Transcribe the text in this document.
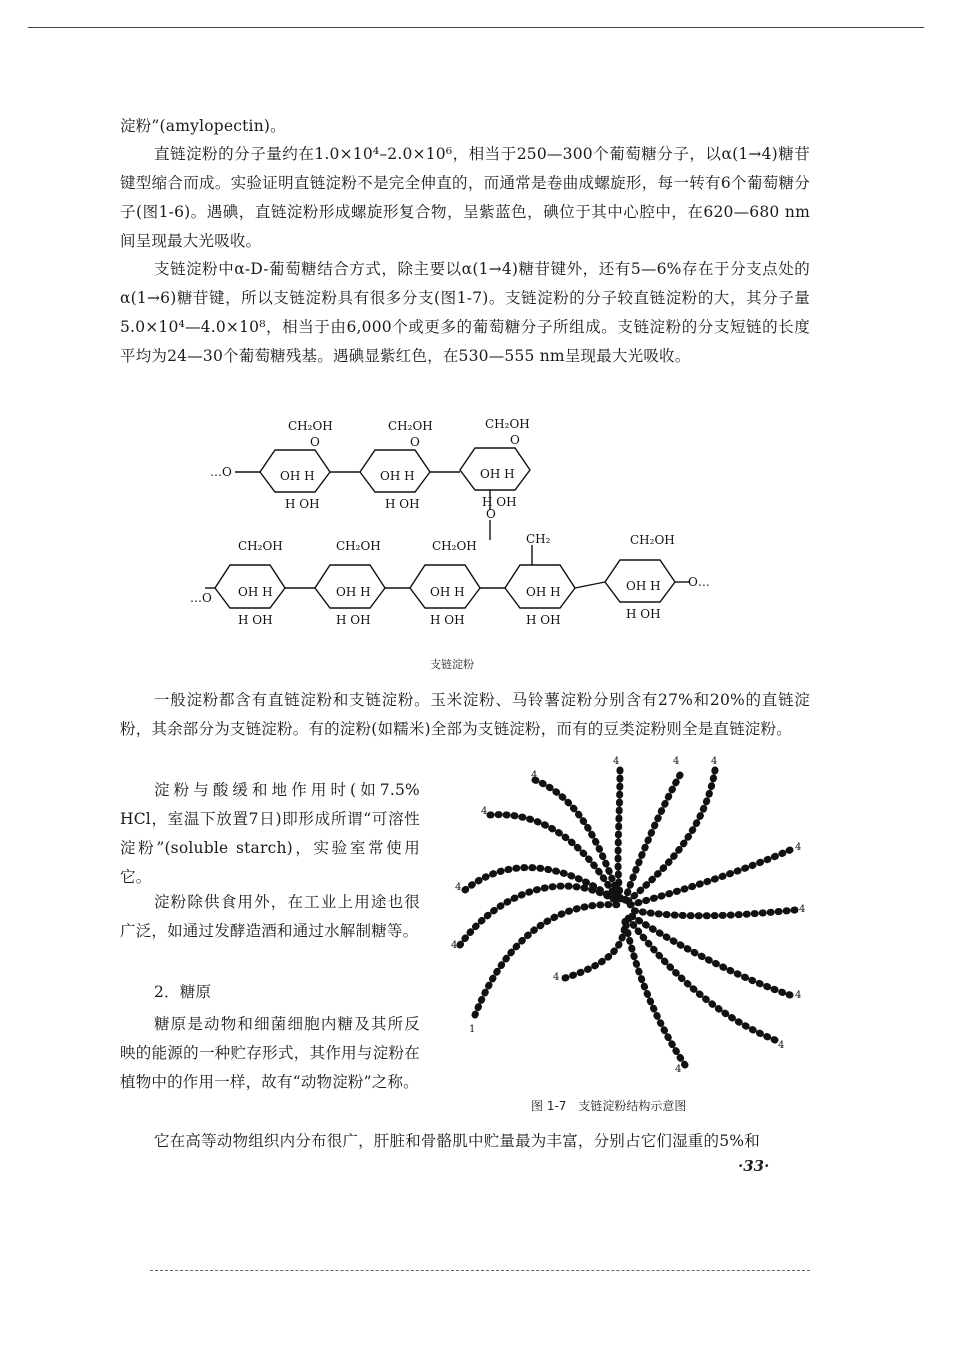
淀粉”(amylopectin)。

直链淀粉的分子量约在1.0×10⁴–2.0×10⁶，相当于250—300个葡萄糖分子，以α(1→4)糖苷键型缩合而成。实验证明直链淀粉不是完全伸直的，而通常是卷曲成螺旋形，每一转有6个葡萄糖分子(图1-6)。遇碘，直链淀粉形成螺旋形复合物，呈紫蓝色，碘位于其中心腔中，在620—680 nm间呈现最大光吸收。

支链淀粉中α-D-葡萄糖结合方式，除主要以α(1→4)糖苷键外，还有5—6%存在于分支点处的α(1→6)糖苷键，所以支链淀粉具有很多分支(图1-7)。支链淀粉的分子较直链淀粉的大，其分子量5.0×10⁴—4.0×10⁸，相当于由6,000个或更多的葡萄糖分子所组成。支链淀粉的分支短链的长度平均为24—30个葡萄糖残基。遇碘显紫红色，在530—555 nm呈现最大光吸收。

CH₂OH	CH₂OH	CH₂OH
O	O	O
OH H	OH H	OH H
H OH	H OH	H OH
…O
O
CH₂
CH₂OH	CH₂OH	CH₂OH	CH₂OH
OH H	OH H	OH H	OH H	OH H
H OH	H OH	H OH	H OH	H OH
…O
O…
支链淀粉

一般淀粉都含有直链淀粉和支链淀粉。玉米淀粉、马铃薯淀粉分别含有27%和20%的直链淀粉，其余部分为支链淀粉。有的淀粉(如糯米)全部为支链淀粉，而有的豆类淀粉则全是直链淀粉。

淀粉与酸缓和地作用时(如7.5% HCl，室温下放置7日)即形成所谓“可溶性淀粉”(soluble starch)，实验室常使用它。

淀粉除供食用外，在工业上用途也很广泛，如通过发酵造酒和通过水解制糖等。

2．糖原

糖原是动物和细菌细胞内糖及其所反映的能源的一种贮存形式，其作用与淀粉在植物中的作用一样，故有“动物淀粉”之称。

1
4
4
4
4
4	4	4
4
4
4
4
4
4
图 1-7　支链淀粉结构示意图

它在高等动物组织内分布很广，肝脏和骨骼肌中贮量最为丰富，分别占它们湿重的5%和

·33·
